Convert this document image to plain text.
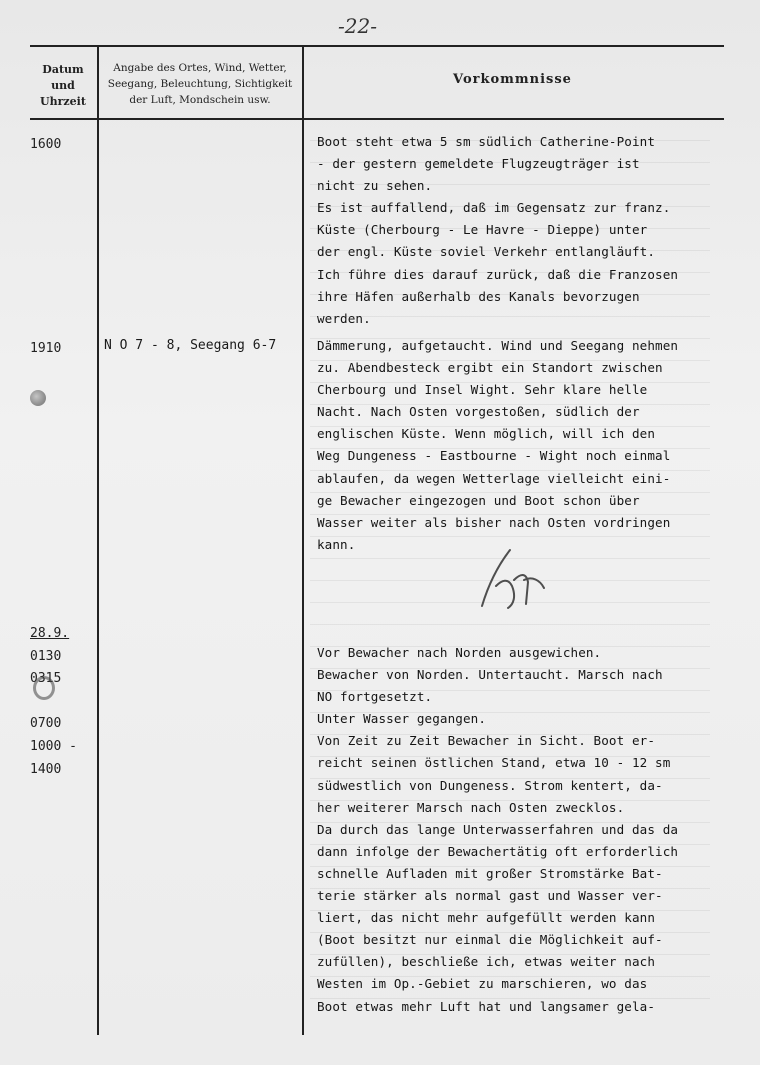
-22-
Datum
und
Uhrzeit
Angabe des Ortes, Wind, Wetter,
Seegang, Beleuchtung, Sichtigkeit
der Luft, Mondschein usw.
Vorkommnisse
1600
1910
28.9.
0130
0315
0700
1000 -
1400
N O 7 - 8, Seegang 6-7
Boot steht etwa 5 sm südlich Catherine-Point
- der gestern gemeldete Flugzeugträger ist
nicht zu sehen.
Es ist auffallend, daß im Gegensatz zur franz.
Küste (Cherbourg - Le Havre - Dieppe) unter
der engl. Küste soviel Verkehr entlangläuft.
Ich führe dies darauf zurück, daß die Franzosen
ihre Häfen außerhalb des Kanals bevorzugen
werden.
Dämmerung, aufgetaucht. Wind und Seegang nehmen
zu. Abendbesteck ergibt ein Standort zwischen
Cherbourg und Insel Wight. Sehr klare helle
Nacht. Nach Osten vorgestoßen, südlich der
englischen Küste. Wenn möglich, will ich den
Weg Dungeness - Eastbourne - Wight noch einmal
ablaufen, da wegen Wetterlage vielleicht eini-
ge Bewacher eingezogen und Boot schon über
Wasser weiter als bisher nach Osten vordringen
kann.
Vor Bewacher nach Norden ausgewichen.
Bewacher von Norden. Untertaucht. Marsch nach
NO fortgesetzt.
Unter Wasser gegangen.
Von Zeit zu Zeit Bewacher in Sicht. Boot er-
reicht seinen östlichen Stand, etwa 10 - 12 sm
südwestlich von Dungeness. Strom kentert, da-
her weiterer Marsch nach Osten zwecklos.
Da durch das lange Unterwasserfahren und das da
dann infolge der Bewachertätig oft erforderlich
schnelle Aufladen mit großer Stromstärke Bat-
terie stärker als normal gast und Wasser ver-
liert, das nicht mehr aufgefüllt werden kann
(Boot besitzt nur einmal die Möglichkeit auf-
zufüllen), beschließe ich, etwas weiter nach
Westen im Op.-Gebiet zu marschieren, wo das
Boot etwas mehr Luft hat und langsamer gela-
